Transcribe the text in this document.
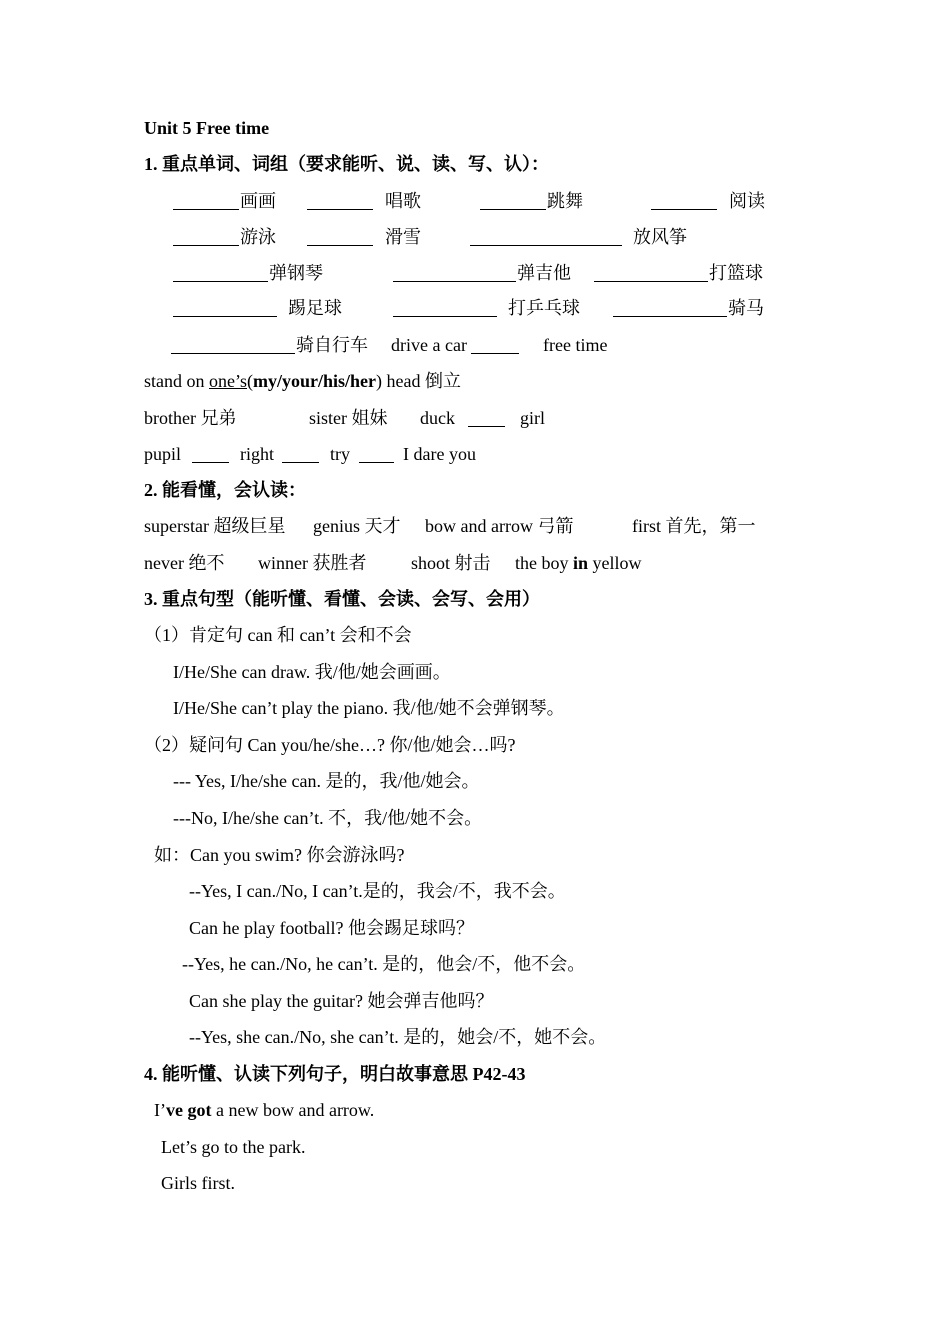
Unit 5 Free time
1. 重点单词、词组（要求能听、说、读、写、认）：
画画	唱歌	跳舞	阅读
游泳	滑雪	放风筝
弹钢琴	弹吉他	打篮球
踢足球	打乒乓球	骑马
骑自行车 drive a car	free time
stand on one’s(my/your/his/her) head 倒立
brother 兄弟	sister 姐妹 duck	girl
pupil	right	try	I dare you
2. 能看懂，会认读：
superstar 超级巨星 genius 天才 bow and arrow 弓箭	first 首先，第一
never 绝不 winner 获胜者 shoot 射击 the boy in yellow
3. 重点句型（能听懂、看懂、会读、会写、会用）
（1）肯定句 can 和 can’t 会和不会
I/He/She can draw. 我/他/她会画画。
I/He/She can’t play the piano. 我/他/她不会弹钢琴。
（2）疑问句 Can you/he/she…? 你/他/她会…吗?
--- Yes, I/he/she can. 是的，我/他/她会。
---No, I/he/she can’t. 不，我/他/她不会。
如：Can you swim? 你会游泳吗?
--Yes, I can./No, I can’t.是的，我会/不，我不会。
Can he play football? 他会踢足球吗？
--Yes, he can./No, he can’t. 是的，他会/不，他不会。
Can she play the guitar? 她会弹吉他吗？
--Yes, she can./No, she can’t. 是的，她会/不，她不会。
4. 能听懂、认读下列句子，明白故事意思 P42-43
I’ve got a new bow and arrow.
Let’s go to the park.
Girls first.
